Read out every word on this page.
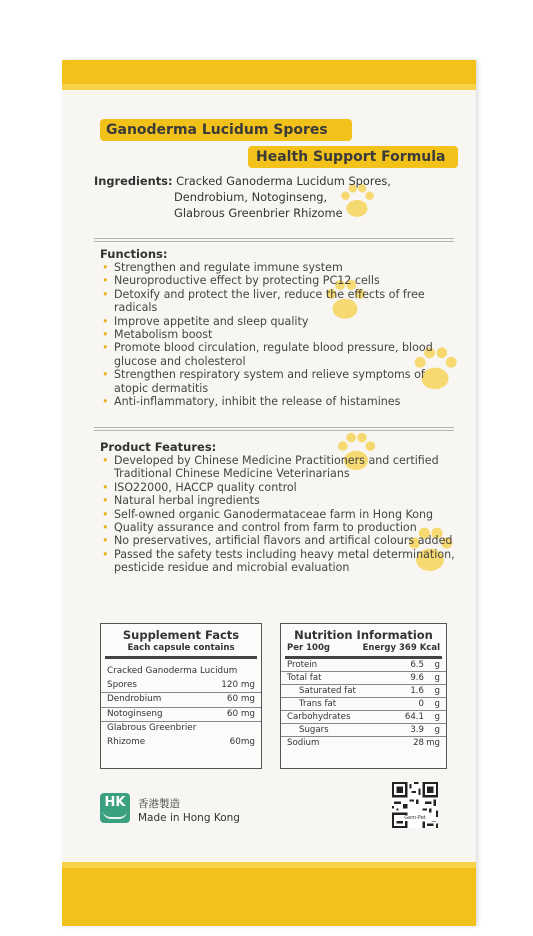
Ganoderma Lucidum Spores
Health Support Formula
Ingredients: Cracked Ganoderma Lucidum Spores,
Dendrobium, Notoginseng,
Glabrous Greenbrier Rhizome
Functions:
• Strengthen and regulate immune system
• Neuroproductive effect by protecting PC12 cells
• Detoxify and protect the liver, reduce the effects of free radicals
• Improve appetite and sleep quality
• Metabolism boost
• Promote blood circulation, regulate blood pressure, blood glucose and cholesterol
• Strengthen respiratory system and relieve symptoms of atopic dermatitis
• Anti-inflammatory, inhibit the release of histamines
Product Features:
• Developed by Chinese Medicine Practitioners and certified Traditional Chinese Medicine Veterinarians
• ISO22000, HACCP quality control
• Natural herbal ingredients
• Self-owned organic Ganodermataceae farm in Hong Kong
• Quality assurance and control from farm to production
• No preservatives, artificial flavors and artifical colours added
• Passed the safety tests including heavy metal determination, pesticide residue and microbial evaluation
Supplement Facts
Each capsule contains
Cracked Ganoderma Lucidum
Spores	120 mg
Dendrobium	60 mg
Notoginseng	60 mg
Glabrous Greenbrier
Rhizome	60mg
Nutrition Information
Per 100g	Energy 369 Kcal
Protein	6.5	g
Total fat	9.6	g
Saturated fat	1.6	g
Trans fat	0	g
Carbohydrates	64.1	g
Sugars	3.9	g
Sodium	28 mg
HK	香港製造
Made in Hong Kong	Gem-Pet
